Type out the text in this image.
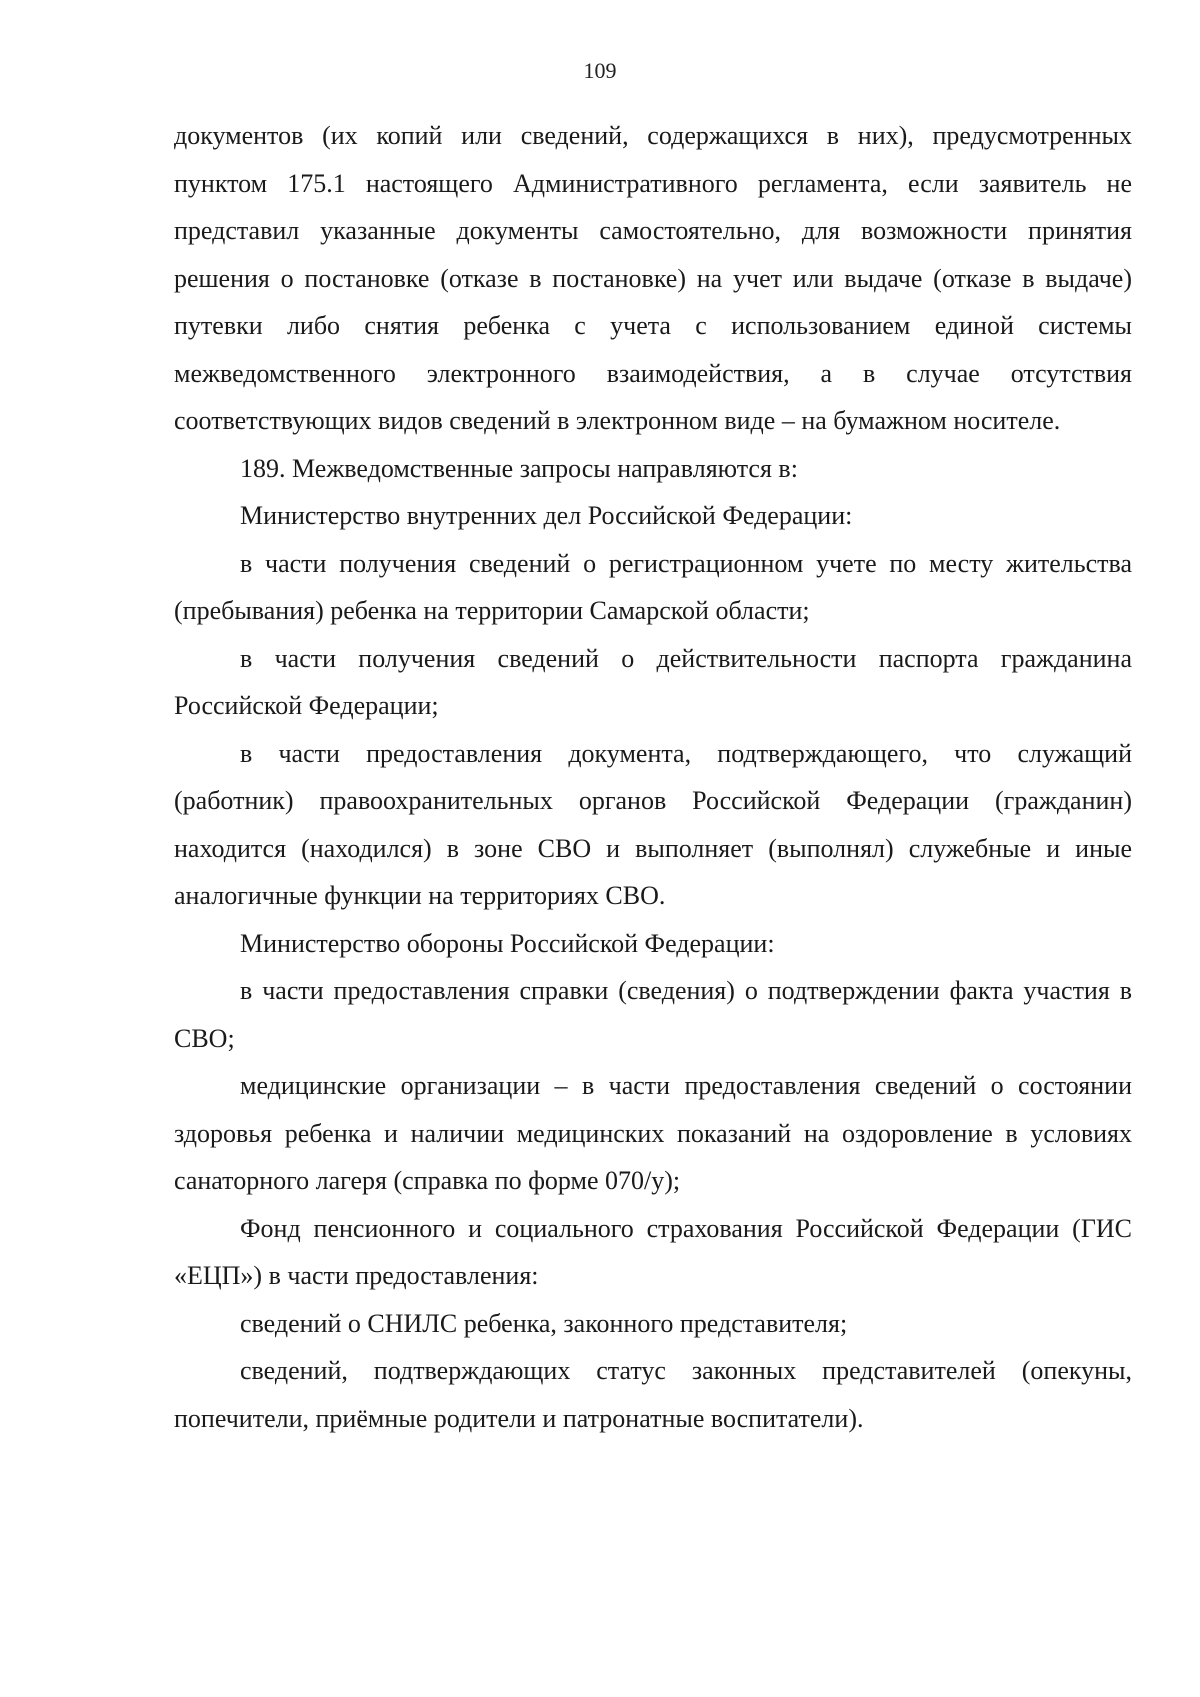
109

документов (их копий или сведений, содержащихся в них), предусмотренных пунктом 175.1 настоящего Административного регламента, если заявитель не представил указанные документы самостоятельно, для возможности принятия решения о постановке (отказе в постановке) на учет или выдаче (отказе в выдаче) путевки либо снятия ребенка с учета с использованием единой системы межведомственного электронного взаимодействия, а в случае отсутствия соответствующих видов сведений в электронном виде – на бумажном носителе.

189. Межведомственные запросы направляются в:

Министерство внутренних дел Российской Федерации:

в части получения сведений о регистрационном учете по месту жительства (пребывания) ребенка на территории Самарской области;

в части получения сведений о действительности паспорта гражданина Российской Федерации;

в части предоставления документа, подтверждающего, что служащий (работник) правоохранительных органов Российской Федерации (гражданин) находится (находился) в зоне СВО и выполняет (выполнял) служебные и иные аналогичные функции на территориях СВО.

Министерство обороны Российской Федерации:

в части предоставления справки (сведения) о подтверждении факта участия в СВО;

медицинские организации – в части предоставления сведений о состоянии здоровья ребенка и наличии медицинских показаний на оздоровление в условиях санаторного лагеря (справка по форме 070/у);

Фонд пенсионного и социального страхования Российской Федерации (ГИС «ЕЦП») в части предоставления:

сведений о СНИЛС ребенка, законного представителя;

сведений, подтверждающих статус законных представителей (опекуны, попечители, приёмные родители и патронатные воспитатели).
